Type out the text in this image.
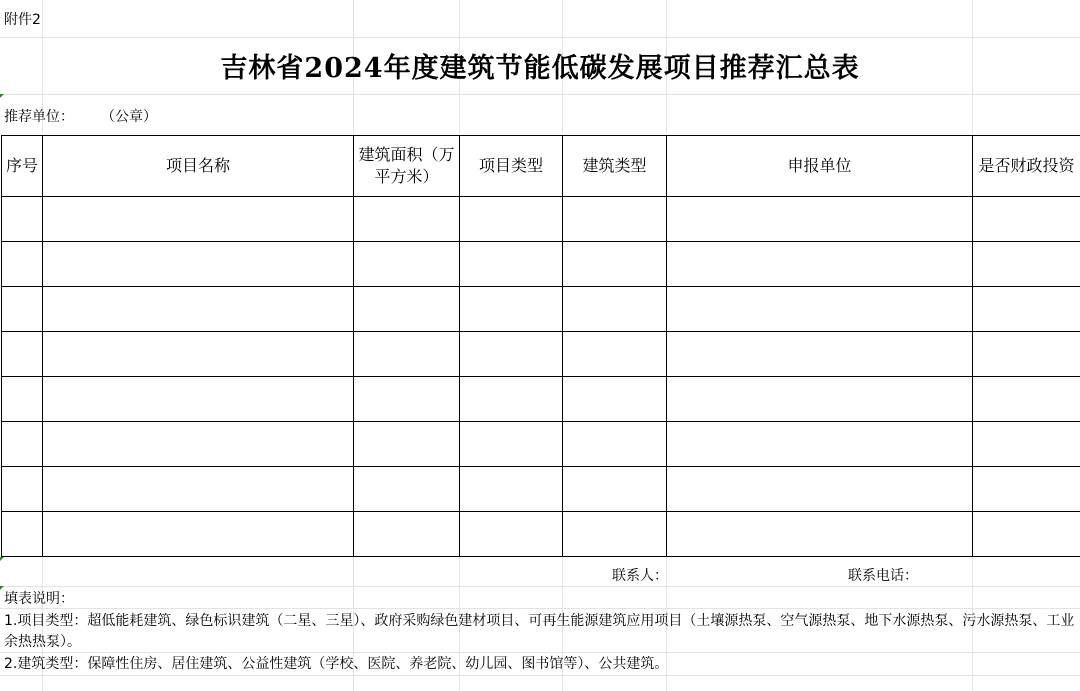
附件2
吉林省2024年度建筑节能低碳发展项目推荐汇总表
推荐单位： （公章）
序号	项目名称	建筑面积（万平方米）	项目类型	建筑类型	申报单位	是否财政投资

联系人：	联系电话：
填表说明：
1.项目类型：超低能耗建筑、绿色标识建筑（二星、三星）、政府采购绿色建材项目、可再生能源建筑应用项目（土壤源热泵、空气源热泵、地下水源热泵、污水源热泵、工业余热热泵）。
2.建筑类型：保障性住房、居住建筑、公益性建筑（学校、医院、养老院、幼儿园、图书馆等）、公共建筑。
